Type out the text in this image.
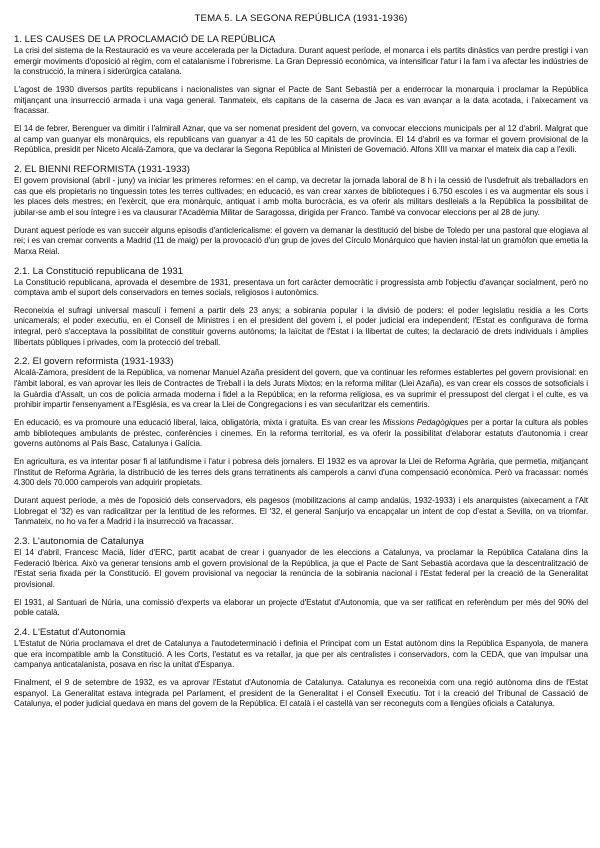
TEMA 5. LA SEGONA REPÚBLICA (1931-1936)
1. LES CAUSES DE LA PROCLAMACIÓ DE LA REPÚBLICA

La crisi del sistema de la Restauració es va veure accelerada per la Dictadura. Durant aquest període, el monarca i els partits dinàstics van perdre prestigi i van emergir moviments d'oposició al règim, com el catalanisme i l'obrerisme. La Gran Depressió econòmica, va intensificar l'atur i la fam i va afectar les indústries de la construcció, la minera i siderúrgica catalana.

L'agost de 1930 diversos partits republicans i nacionalistes van signar el Pacte de Sant Sebastià per a enderrocar la monarquia i proclamar la República mitjançant una insurrecció armada i una vaga general. Tanmateix, els capitans de la caserna de Jaca es van avançar a la data acotada, i l'aixecament va fracassar.

El 14 de febrer, Berenguer va dimitir i l'almirall Aznar, que va ser nomenat president del govern, va convocar eleccions municipals per al 12 d'abril. Malgrat que al camp van guanyar els monàrquics, els republicans van guanyar a 41 de les 50 capitals de província. El 14 d'abril es va formar el govern provisional de la República, presidit per Niceto Alcalá-Zamora, que va declarar la Segona República al Ministeri de Governació. Alfons XIII va marxar el mateix dia cap a l'exili.

2. EL BIENNI REFORMISTA (1931-1933)

El govern provisional (abril - juny) va iniciar les primeres reformes: en el camp, va decretar la jornada laboral de 8 h i la cessió de l'usdefruit als treballadors en cas que els propietaris no tinguessin totes les terres cultivades; en educació, es van crear xarxes de biblioteques i 6.750 escoles i es va augmentar els sous i les places dels mestres; en l'exèrcit, que era monàrquic, antiquat i amb molta burocràcia, es va oferir als militars deslleials a la República la possibilitat de jubilar-se amb el sou íntegre i es va clausurar l'Acadèmia Militar de Saragossa, dirigida per Franco. També va convocar eleccions per al 28 de juny.

Durant aquest període es van succeir alguns episodis d'anticlericalisme: el govern va demanar la destitució del bisbe de Toledo per una pastoral que elogiava al rei; i es van cremar convents a Madrid (11 de maig) per la provocació d'un grup de joves del Círculo Monárquico que havien instal·lat un gramòfon que emetia la Marxa Reial.

2.1. La Constitució republicana de 1931

La Constitució republicana, aprovada el desembre de 1931, presentava un fort caràcter democràtic i progressista amb l'objectiu d'avançar socialment, però no comptava amb el suport dels conservadors en temes socials, religiosos i autonòmics.

Reconeixia el sufragi universal masculí i femení a partir dels 23 anys; a sobirania popular i la divisió de poders: el poder legislatiu residia a les Corts unicamerals; el poder executiu, en el Consell de Ministres i en el president del govern i, el poder judicial era independent; l'Estat es configurava de forma integral, però s'acceptava la possibilitat de constituir governs autònoms; la laïcitat de l'Estat i la llibertat de cultes; la declaració de drets individuals i àmplies llibertats públiques i privades, com la protecció del treball.

2.2. El govern reformista (1931-1933)

Alcalá-Zamora, president de la República, va nomenar Manuel Azaña president del govern, que va continuar les reformes establertes pel govern provisional: en l'àmbit laboral, es van aprovar les lleis de Contractes de Treball i la dels Jurats Mixtos; en la reforma militar (Llei Azaña), es van crear els cossos de sotsoficials i la Guàrdia d'Assalt, un cos de policia armada moderna i fidel a la República; en la reforma religiosa, es va suprimir el pressupost del clergat i el culte, es va prohibir impartir l'ensenyament a l'Església, es va crear la Llei de Congregacions i es van secularitzar els cementiris.

En educació, es va promoure una educació liberal, laica, obligatòria, mixta i gratuïta. Es van crear les Missions Pedagògiques per a portar la cultura als pobles amb biblioteques ambulants de préstec, conferències i cinemes. En la reforma territorial, es va oferir la possibilitat d'elaborar estatuts d'autonomia i crear governs autònoms al País Basc, Catalunya i Galícia.

En agricultura, es va intentar posar fi al latifundisme i l'atur i pobresa dels jornalers. El 1932 es va aprovar la Llei de Reforma Agrària, que permetia, mitjançant l'Institut de Reforma Agrària, la distribució de les terres dels grans terratinents als camperols a canvi d'una compensació econòmica. Però va fracassar: només 4.300 dels 70.000 camperols van adquirir propietats.

Durant aquest període, a més de l'oposició dels conservadors, els pagesos (mobilitzacions al camp andalús, 1932-1933) i els anarquistes (aixecament a l'Alt Llobregat el '32) es van radicalitzar per la lentitud de les reformes. El '32, el general Sanjurjo va encapçalar un intent de cop d'estat a Sevilla, on va triomfar. Tanmateix, no ho va fer a Madrid i la insurrecció va fracassar.

2.3. L'autonomia de Catalunya

El 14 d'abril, Francesc Macià, líder d'ERC, partit acabat de crear i guanyador de les eleccions a Catalunya, va proclamar la República Catalana dins la Federació Ibèrica. Això va generar tensions amb el govern provisional de la República, ja que el Pacte de Sant Sebastià acordava que la descentralització de l'Estat seria fixada per la Constitució. El govern provisional va negociar la renúncia de la sobirania nacional i l'Estat federal per la creació de la Generalitat provisional.

El 1931, al Santuari de Núria, una comissió d'experts va elaborar un projecte d'Estatut d'Autonomia, que va ser ratificat en referèndum per més del 90% del poble català.

2.4. L'Estatut d'Autonomia

L'Estatut de Núria proclamava el dret de Catalunya a l'autodeterminació i definia el Principat com un Estat autònom dins la República Espanyola, de manera que era incompatible amb la Constitució. A les Corts, l'estatut es va retallar, ja que per als centralistes i conservadors, com la CEDA, que van impulsar una campanya anticatalanista, posava en risc la unitat d'Espanya.

Finalment, el 9 de setembre de 1932, es va aprovar l'Estatut d'Autonomia de Catalunya. Catalunya es reconeixia com una regió autònoma dins de l'Estat espanyol. La Generalitat estava integrada pel Parlament, el president de la Generalitat i el Consell Executiu. Tot i la creació del Tribunal de Cassació de Catalunya, el poder judicial quedava en mans del govern de la República. El català i el castellà van ser reconeguts com a llengües oficials a Catalunya.
